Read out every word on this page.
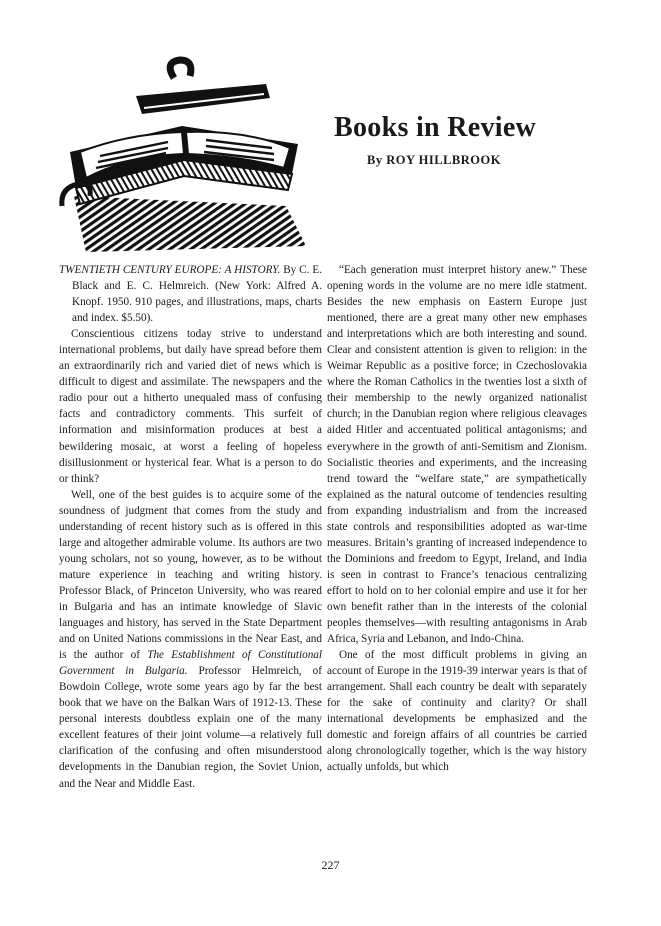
Books in Review
By ROY HILLBROOK

TWENTIETH CENTURY EUROPE: A HISTORY. By C. E. Black and E. C. Helmreich. (New York: Alfred A. Knopf. 1950. 910 pages, and illustrations, maps, charts and index. $5.50).

Conscientious citizens today strive to understand international problems, but daily have spread before them an extraordinarily rich and varied diet of news which is difficult to digest and assimilate. The newspapers and the radio pour out a hitherto unequaled mass of confusing facts and contradictory comments. This surfeit of information and misinformation produces at best a bewildering mosaic, at worst a feeling of hopeless disillusionment or hysterical fear. What is a person to do or think?

Well, one of the best guides is to acquire some of the soundness of judgment that comes from the study and understanding of recent history such as is offered in this large and altogether admirable volume. Its authors are two young scholars, not so young, however, as to be without mature experience in teaching and writing history. Professor Black, of Princeton University, who was reared in Bulgaria and has an intimate knowledge of Slavic languages and history, has served in the State Department and on United Nations commissions in the Near East, and is the author of The Establishment of Constitutional Government in Bulgaria. Professor Helmreich, of Bowdoin College, wrote some years ago by far the best book that we have on the Balkan Wars of 1912-13. These personal interests doubtless explain one of the many excellent features of their joint volume—a relatively full clarification of the confusing and often misunderstood developments in the Danubian region, the Soviet Union, and the Near and Middle East.

“Each generation must interpret history anew.” These opening words in the volume are no mere idle statment. Besides the new emphasis on Eastern Europe just mentioned, there are a great many other new emphases and interpretations which are both interesting and sound. Clear and consistent attention is given to religion: in the Weimar Republic as a positive force; in Czechoslovakia where the Roman Catholics in the twenties lost a sixth of their membership to the newly organized nationalist church; in the Danubian region where religious cleavages aided Hitler and accentuated political antagonisms; and everywhere in the growth of anti-Semitism and Zionism. Socialistic theories and experiments, and the increasing trend toward the “welfare state,” are sympathetically explained as the natural outcome of tendencies resulting from expanding industrialism and from the increased state controls and responsibilities adopted as war-time measures. Britain’s granting of increased independence to the Dominions and freedom to Egypt, Ireland, and India is seen in contrast to France’s tenacious centralizing effort to hold on to her colonial empire and use it for her own benefit rather than in the interests of the colonial peoples themselves—with resulting antagonisms in Arab Africa, Syria and Lebanon, and Indo-China.

One of the most difficult problems in giving an account of Europe in the 1919-39 interwar years is that of arrangement. Shall each country be dealt with separately for the sake of continuity and clarity? Or shall international developments be emphasized and the domestic and foreign affairs of all countries be carried along chronologically together, which is the way history actually unfolds, but which

227
